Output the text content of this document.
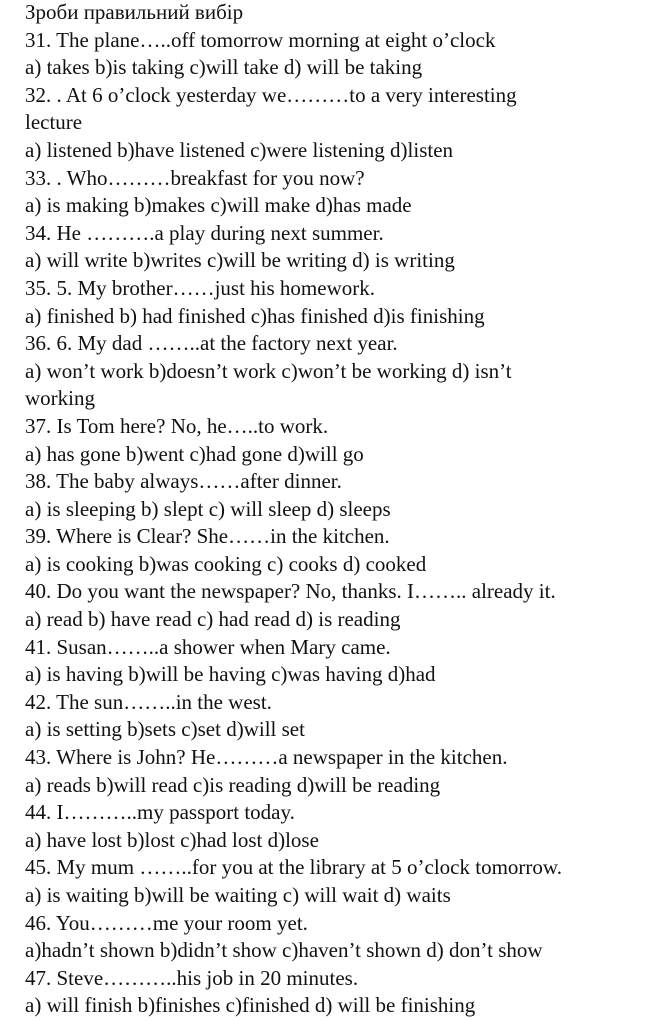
Зроби правильний вибір
31. The plane…..off tomorrow morning at eight o’clock
a) takes b)is taking c)will take d) will be taking
32. . At 6 o’clock yesterday we………to a very interesting
lecture
a) listened b)have listened c)were listening d)listen
33. . Who………breakfast for you now?
a) is making b)makes c)will make d)has made
34. He ……….a play during next summer.
a) will write b)writes c)will be writing d) is writing
35. 5. My brother……just his homework.
a) finished b) had finished c)has finished d)is finishing
36. 6. My dad ……..at the factory next year.
a) won’t work b)doesn’t work c)won’t be working d) isn’t
working
37. Is Tom here? No, he…..to work.
a) has gone b)went c)had gone d)will go
38. The baby always……after dinner.
a) is sleeping b) slept c) will sleep d) sleeps
39. Where is Clear? She……in the kitchen.
a) is cooking b)was cooking c) cooks d) cooked
40. Do you want the newspaper? No, thanks. I…….. already it.
a) read b) have read c) had read d) is reading
41. Susan……..a shower when Mary came.
a) is having b)will be having c)was having d)had
42. The sun……..in the west.
a) is setting b)sets c)set d)will set
43. Where is John? He………a newspaper in the kitchen.
a) reads b)will read c)is reading d)will be reading
44. I………..my passport today.
a) have lost b)lost c)had lost d)lose
45. My mum ……..for you at the library at 5 o’clock tomorrow.
a) is waiting b)will be waiting c) will wait d) waits
46. You………me your room yet.
a)hadn’t shown b)didn’t show c)haven’t shown d) don’t show
47. Steve………..his job in 20 minutes.
a) will finish b)finishes c)finished d) will be finishing
